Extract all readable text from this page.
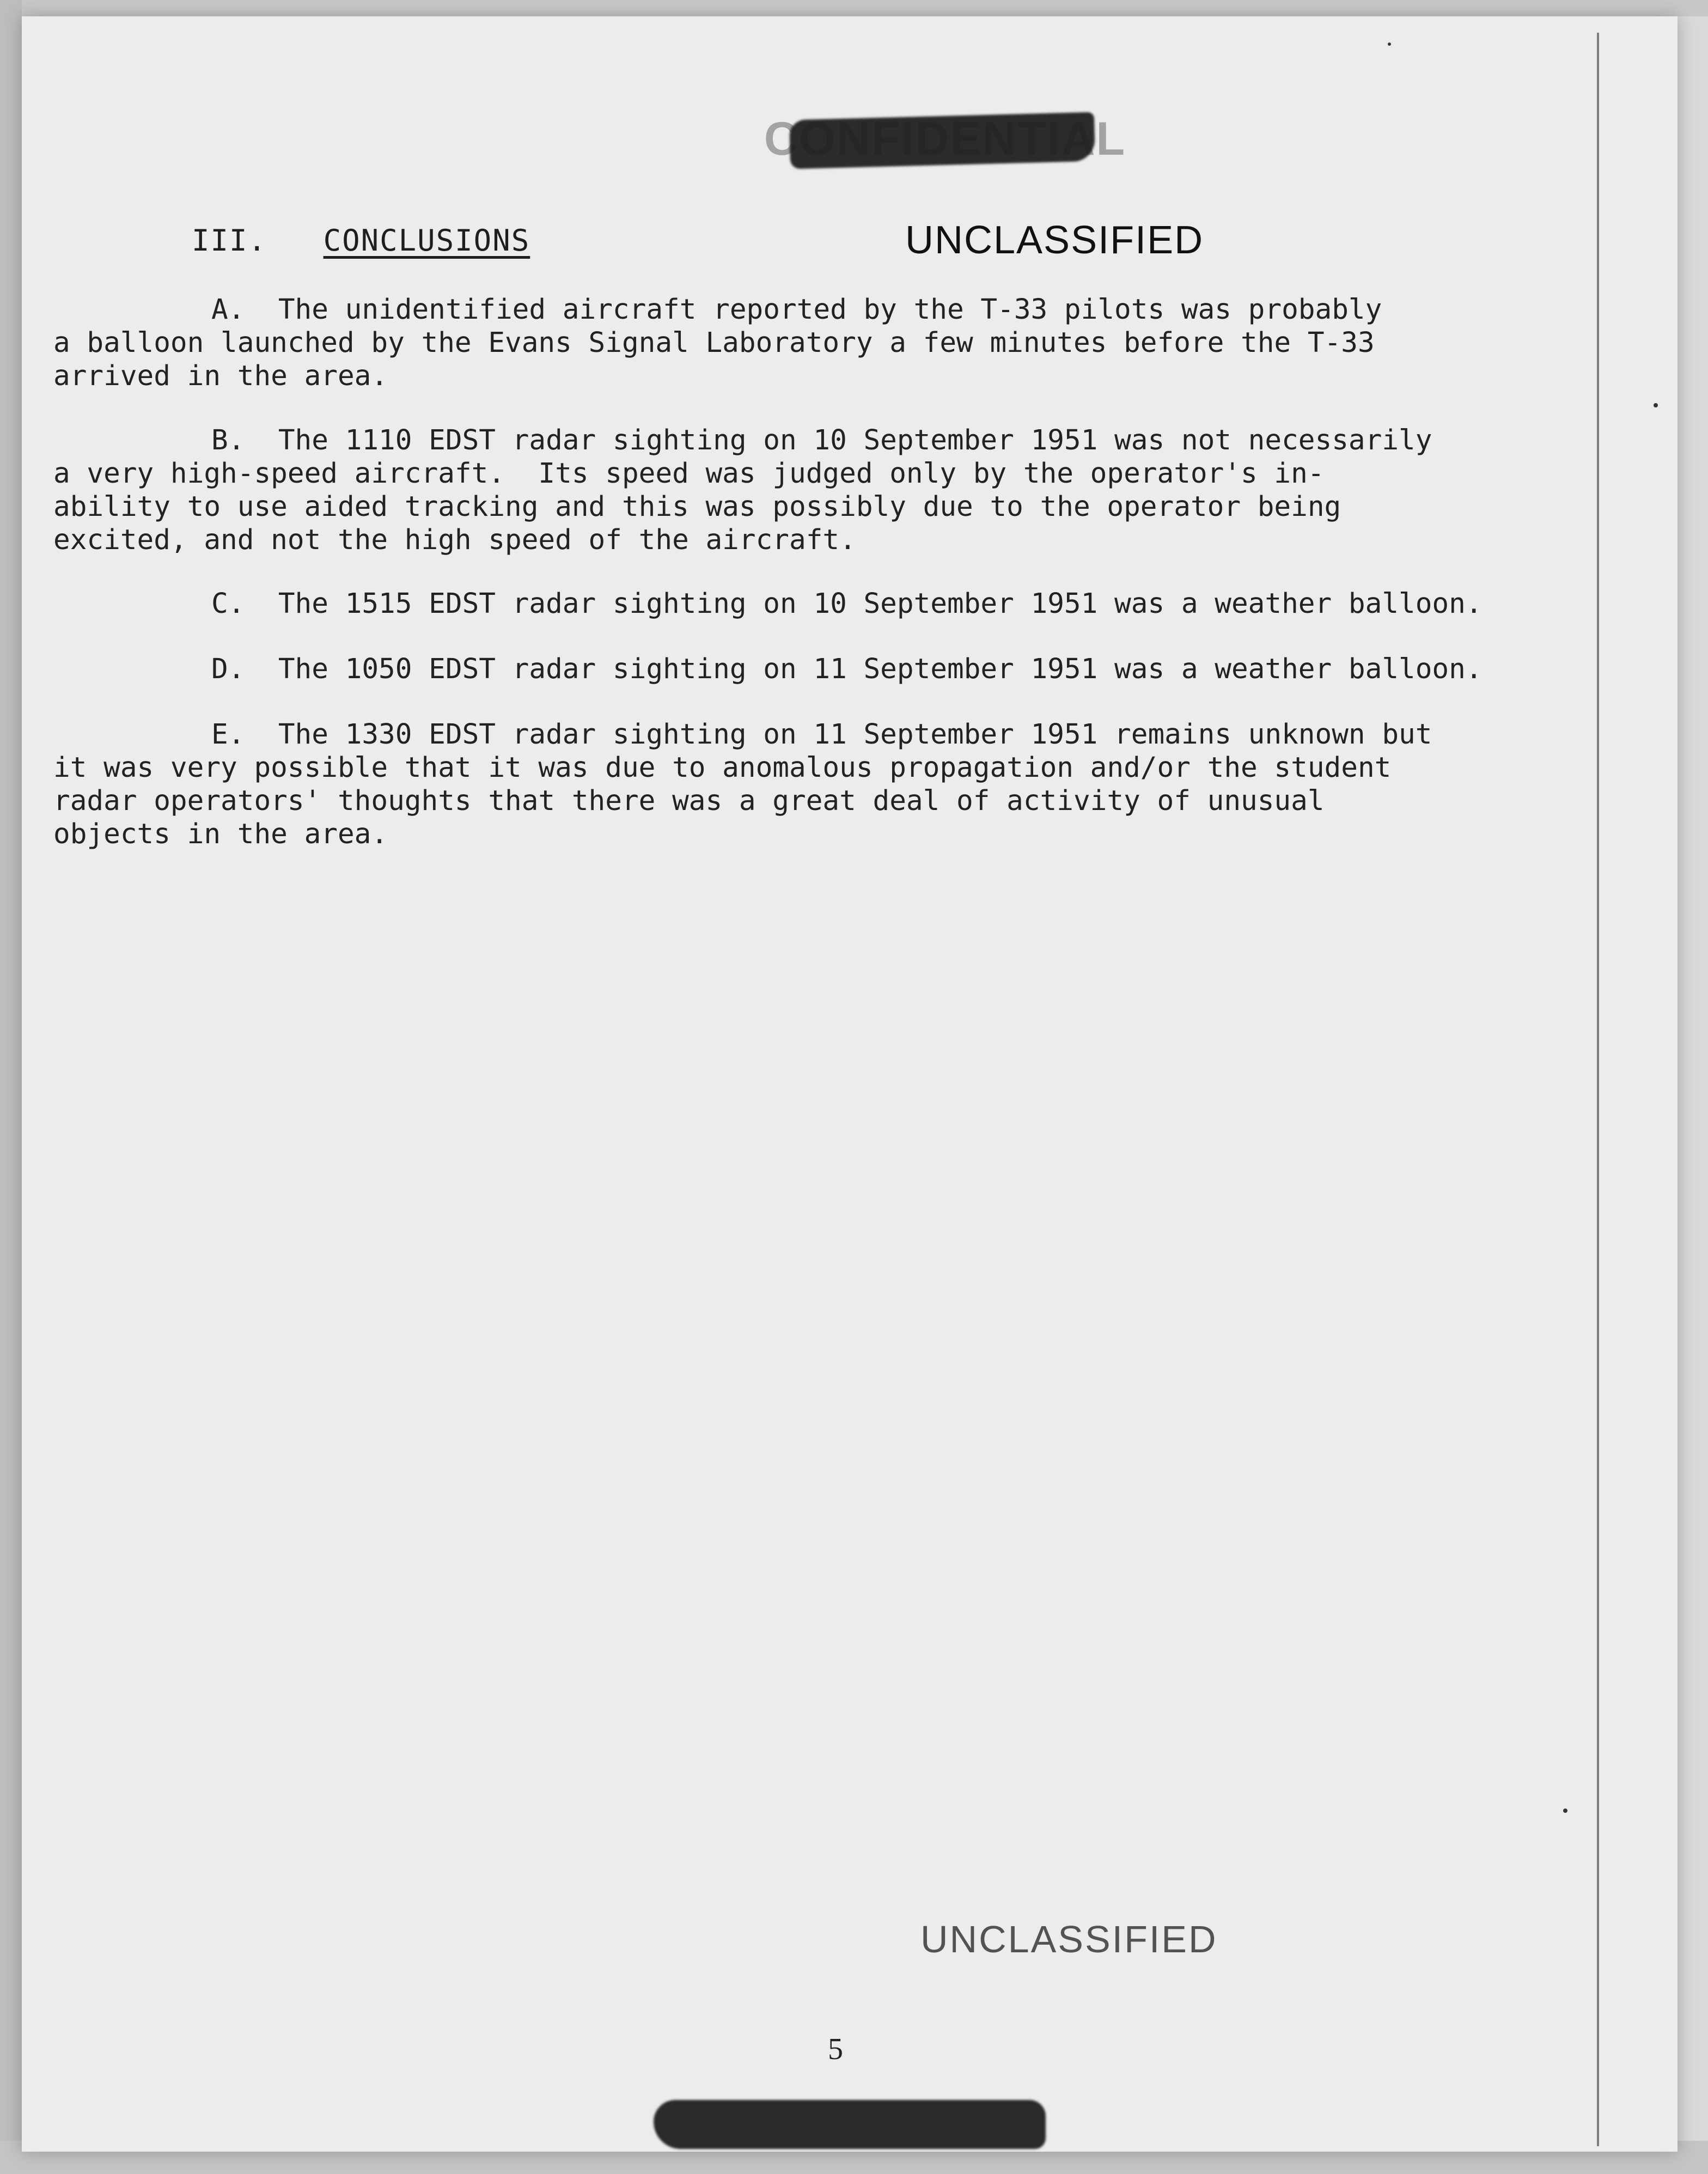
CONFIDENTIAL
III. CONCLUSIONS	UNCLASSIFIED
A.  The unidentified aircraft reported by the T-33 pilots was probably
a balloon launched by the Evans Signal Laboratory a few minutes before the T-33
arrived in the area.
B.  The 1110 EDST radar sighting on 10 September 1951 was not necessarily
a very high-speed aircraft.  Its speed was judged only by the operator's in-
ability to use aided tracking and this was possibly due to the operator being
excited, and not the high speed of the aircraft.
C.  The 1515 EDST radar sighting on 10 September 1951 was a weather balloon.
D.  The 1050 EDST radar sighting on 11 September 1951 was a weather balloon.
E.  The 1330 EDST radar sighting on 11 September 1951 remains unknown but
it was very possible that it was due to anomalous propagation and/or the student
radar operators' thoughts that there was a great deal of activity of unusual
objects in the area.
UNCLASSIFIED
5
